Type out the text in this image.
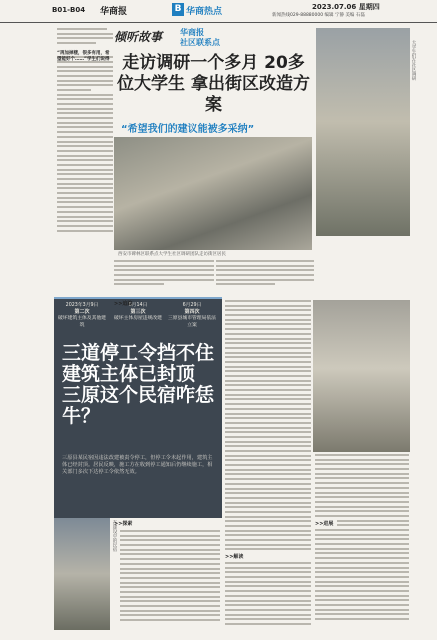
B01-B04 华商报	B 华商热点	2023.07.06 星期四
新闻热线029-88880000 编辑 宁静 美编 石磊
“再加掉楼，很多有用，希望能好个……”学生们说得
倾听故事 华商报
社区联系点
走访调研一个多月 20多位大学生 拿出街区改造方案
“希望我们的建议能被多采纳”
西安市碑林区联系点大学生社区调研团队走访街区居民
大学生们在社区调研
2023年3月9日
第二次
破坏建筑主体及其他建筑
6月14日
第三次
破坏主体房屋违规改建
6月29日
第四次
三原县城市管理局依法立案
三道停工令挡不住 建筑主体已封顶 三原这个民宿咋恁牛？
三原县某民宿因违法改建被责令停工，但停工令未起作用，建筑主体已经封顶。居民反映，施工方在收到停工通知后仍继续施工，相关部门多次下达停工令依然无效。
>>追踪
>>解读
>>进展
在建设中的民宿
>>探索
